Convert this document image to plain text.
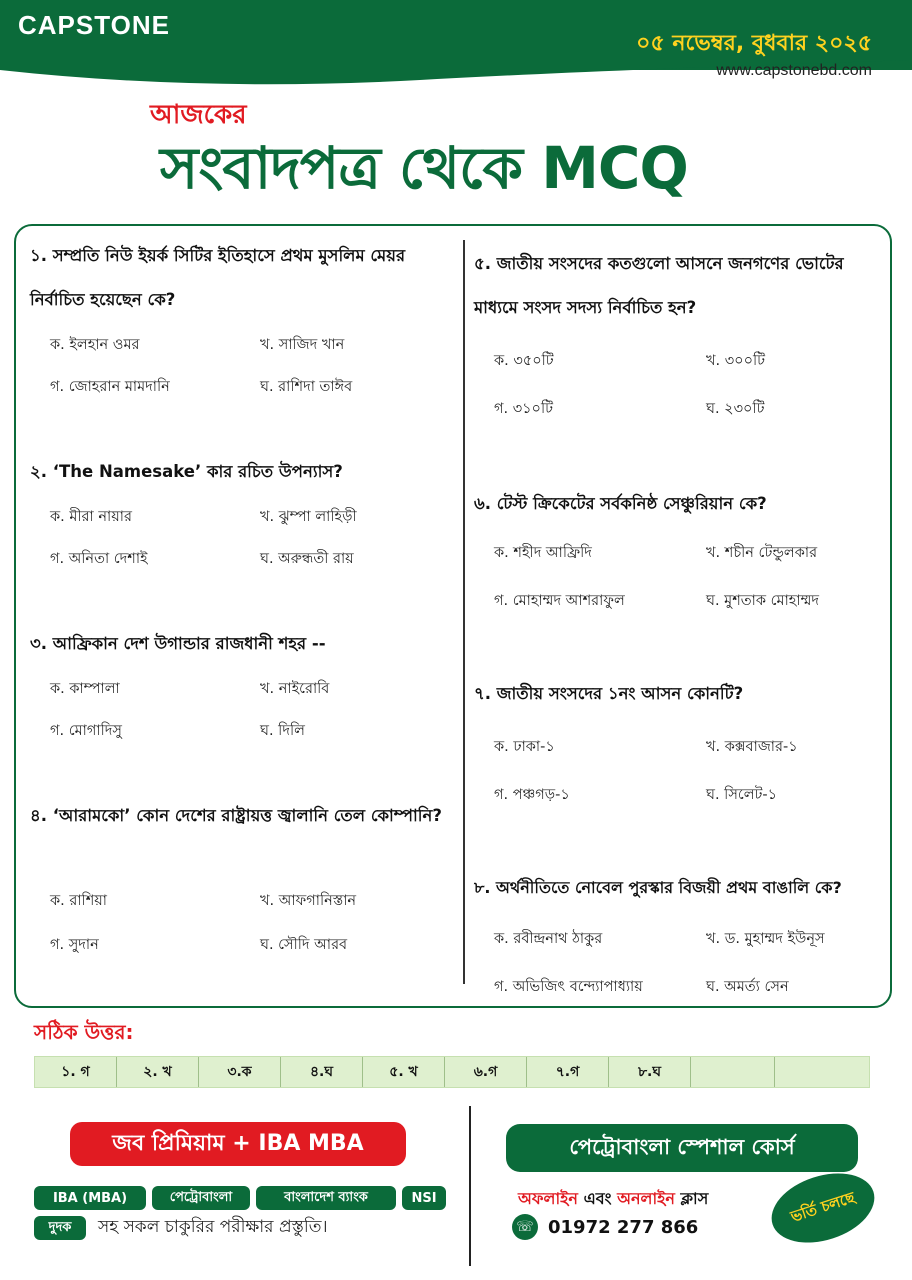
CAPSTONE
০৫ নভেম্বর, বুধবার ২০২৫
www.capstonebd.com
আজকের
সংবাদপত্র থেকে MCQ
১. সম্প্রতি নিউ ইয়র্ক সিটির ইতিহাসে প্রথম মুসলিম মেয়র নির্বাচিত হয়েছেন কে?
ক. ইলহান ওমর	খ. সাজিদ খান
গ. জোহরান মামদানি	ঘ. রাশিদা তাঈব
২. ‘The Namesake’ কার রচিত উপন্যাস?
ক. মীরা নায়ার	খ. ঝুম্পা লাহিড়ী
গ. অনিতা দেশাই	ঘ. অরুন্ধতী রায়
৩. আফ্রিকান দেশ উগান্ডার রাজধানী শহর --
ক. কাম্পালা	খ. নাইরোবি
গ. মোগাদিসু	ঘ. দিলি
৪. ‘আরামকো’ কোন দেশের রাষ্ট্রায়ত্ত জ্বালানি তেল কোম্পানি?
ক. রাশিয়া	খ. আফগানিস্তান
গ. সুদান	ঘ. সৌদি আরব
৫. জাতীয় সংসদের কতগুলো আসনে জনগণের ভোটের মাধ্যমে সংসদ সদস্য নির্বাচিত হন?
ক. ৩৫০টি	খ. ৩০০টি
গ. ৩১০টি	ঘ. ২৩০টি
৬. টেস্ট ক্রিকেটের সর্বকনিষ্ঠ সেঞ্চুরিয়ান কে?
ক. শহীদ আফ্রিদি	খ. শচীন টেন্ডুলকার
গ. মোহাম্মদ আশরাফুল	ঘ. মুশতাক মোহাম্মদ
৭. জাতীয় সংসদের ১নং আসন কোনটি?
ক. ঢাকা-১	খ. কক্সবাজার-১
গ. পঞ্চগড়-১	ঘ. সিলেট-১
৮. অর্থনীতিতে নোবেল পুরস্কার বিজয়ী প্রথম বাঙালি কে?
ক. রবীন্দ্রনাথ ঠাকুর	খ. ড. মুহাম্মদ ইউনূস
গ. অভিজিৎ বন্দ্যোপাধ্যায়	ঘ. অমর্ত্য সেন
সঠিক উত্তর:
১. গ	২. খ	৩.ক	৪.ঘ	৫. খ	৬.গ	৭.গ	৮.ঘ
জব প্রিমিয়াম + IBA MBA
IBA (MBA)	পেট্রোবাংলা	বাংলাদেশ ব্যাংক	NSI
দুদক	সহ সকল চাকুরির পরীক্ষার প্রস্তুতি।
পেট্রোবাংলা স্পেশাল কোর্স
অফলাইন এবং অনলাইন ক্লাস
☏ 01972 277 866
ভর্তি চলছে
